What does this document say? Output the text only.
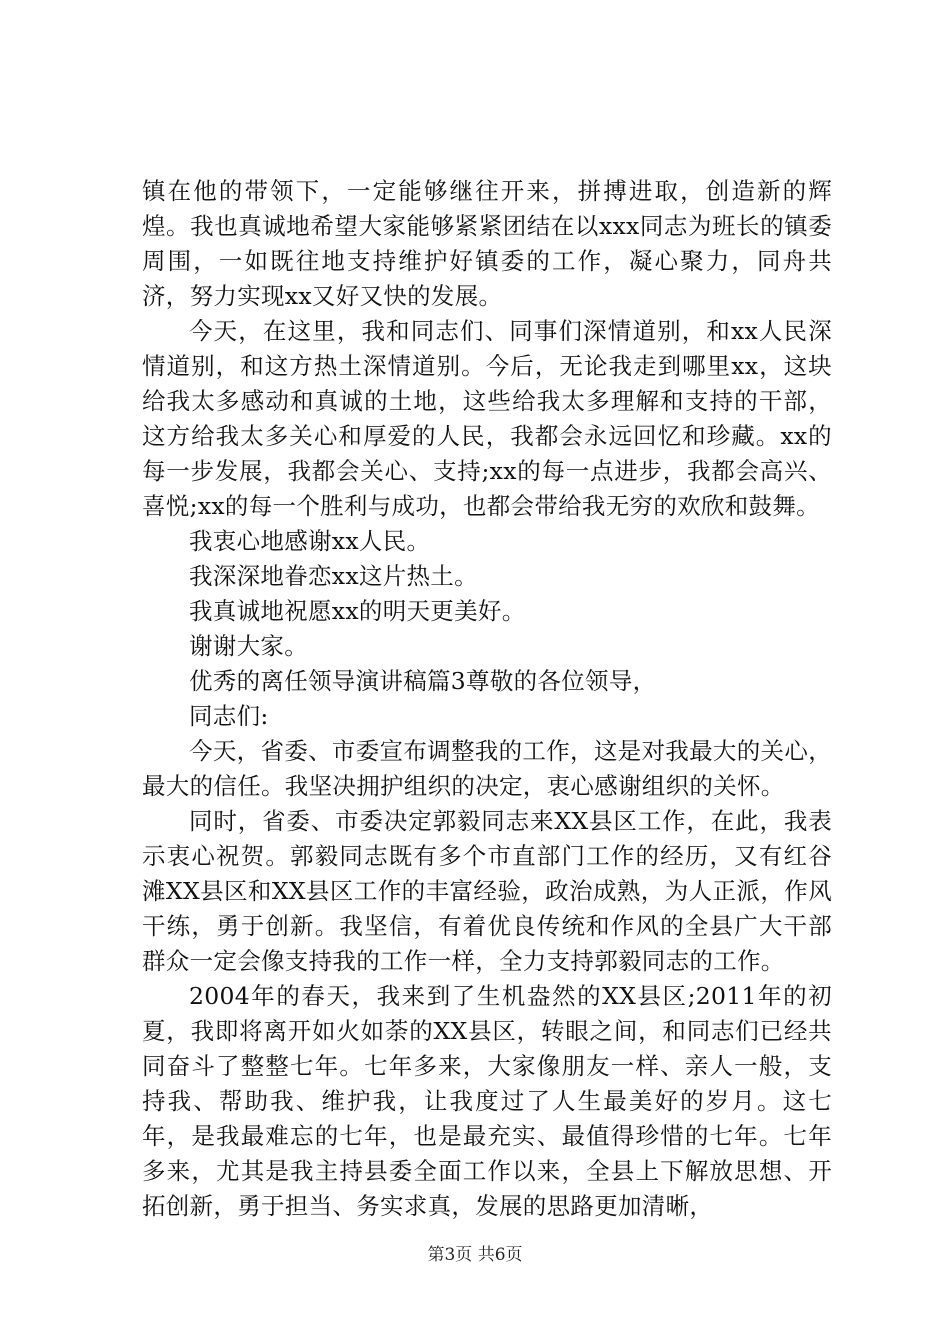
镇在他的带领下，一定能够继往开来，拼搏进取，创造新的辉煌。我也真诚地希望大家能够紧紧团结在以xxx同志为班长的镇委周围，一如既往地支持维护好镇委的工作，凝心聚力，同舟共济，努力实现xx又好又快的发展。

今天，在这里，我和同志们、同事们深情道别，和xx人民深情道别，和这方热土深情道别。今后，无论我走到哪里xx，这块给我太多感动和真诚的土地，这些给我太多理解和支持的干部，这方给我太多关心和厚爱的人民，我都会永远回忆和珍藏。xx的每一步发展，我都会关心、支持;xx的每一点进步，我都会高兴、喜悦;xx的每一个胜利与成功，也都会带给我无穷的欢欣和鼓舞。

我衷心地感谢xx人民。

我深深地眷恋xx这片热土。

我真诚地祝愿xx的明天更美好。

谢谢大家。

优秀的离任领导演讲稿篇3尊敬的各位领导，

同志们:

今天，省委、市委宣布调整我的工作，这是对我最大的关心，最大的信任。我坚决拥护组织的决定，衷心感谢组织的关怀。

同时，省委、市委决定郭毅同志来XX县区工作，在此，我表示衷心祝贺。郭毅同志既有多个市直部门工作的经历，又有红谷滩XX县区和XX县区工作的丰富经验，政治成熟，为人正派，作风干练，勇于创新。我坚信，有着优良传统和作风的全县广大干部群众一定会像支持我的工作一样，全力支持郭毅同志的工作。

2004年的春天，我来到了生机盎然的XX县区;2011年的初夏，我即将离开如火如荼的XX县区，转眼之间，和同志们已经共同奋斗了整整七年。七年多来，大家像朋友一样、亲人一般，支持我、帮助我、维护我，让我度过了人生最美好的岁月。这七年，是我最难忘的七年，也是最充实、最值得珍惜的七年。七年多来，尤其是我主持县委全面工作以来，全县上下解放思想、开拓创新，勇于担当、务实求真，发展的思路更加清晰，

第3页 共6页
